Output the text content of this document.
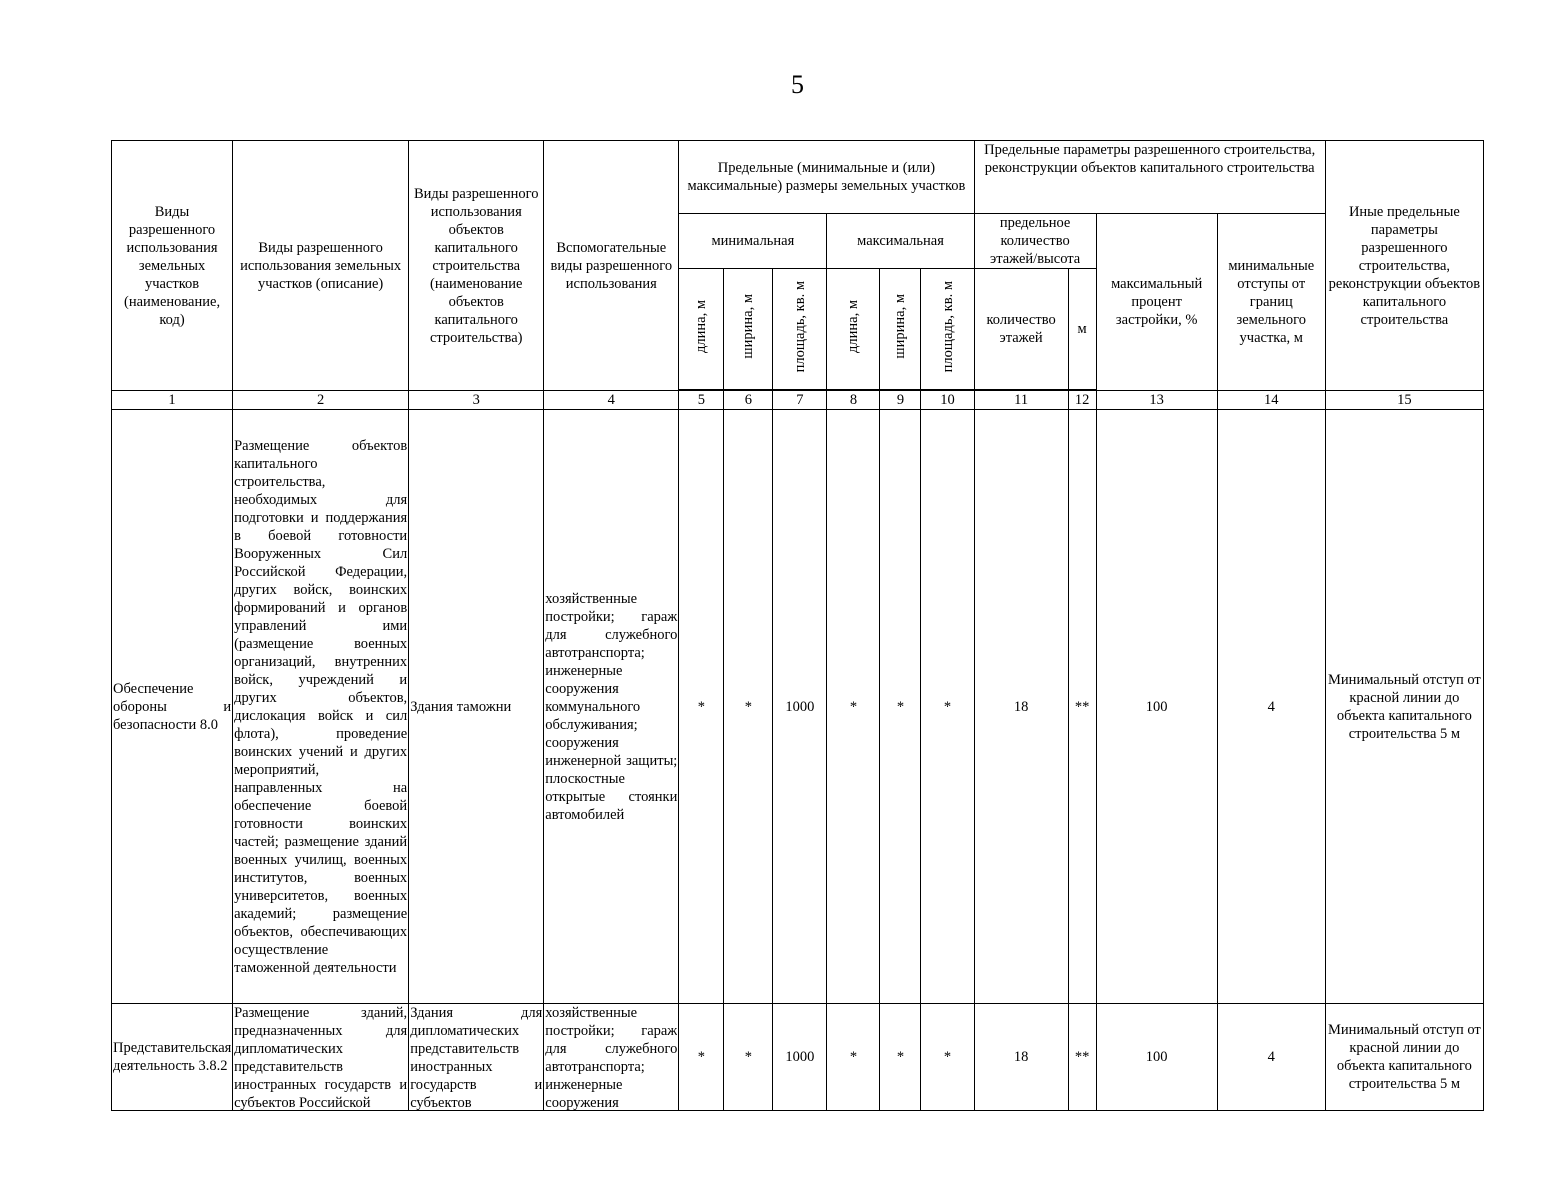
5
Виды разрешенного использования земельных участков (наименование, код)	Виды разрешенного использования земельных участков (описание)	Виды разрешенного использования объектов капитального строительства (наименование объектов капитального строительства)	Вспомогательные виды разрешенного использования	Предельные (минимальные и (или) максимальные) размеры земельных участков						Предельные параметры разрешенного строительства, реконструкции объектов капитального строительства				Иные предельные параметры разрешенного строительства, реконструкции объектов капитального строительства
				минимальная			максимальная			предельное количество этажей/высота		максимальный процент застройки, %	минимальные отступы от границ земельного участка, м	
				длина, м	ширина, м	площадь, кв. м	длина, м	ширина, м	площадь, кв. м	количество этажей	м			

1	2	3	4	5	6	7	8	9	10	11	12	13	14	15
Обеспечение обороны и безопасности 8.0	Размещение объектов капитального строительства, необходимых для подготовки и поддержания в боевой готовности Вооруженных Сил Российской Федерации, других войск, воинских формирований и органов управлений ими (размещение военных организаций, внутренних войск, учреждений и других объектов, дислокация войск и сил флота), проведение воинских учений и других мероприятий, направленных на обеспечение боевой готовности воинских частей; размещение зданий военных училищ, военных институтов, военных университетов, военных академий; размещение объектов, обеспечивающих осуществление таможенной деятельности	Здания таможни	хозяйственные постройки; гараж для служебного автотранспорта; инженерные сооружения коммунального обслуживания; сооружения инженерной защиты; плоскостные открытые стоянки автомобилей	*	*	1000	*	*	*	18	**	100	4	Минимальный отступ от красной линии до объекта капитального строительства 5 м
Представительская деятельность 3.8.2	Размещение зданий, предназначенных для дипломатических представительств иностранных государств и субъектов Российской	Здания для дипломатических представительств иностранных государств и субъектов	хозяйственные постройки; гараж для служебного автотранспорта; инженерные сооружения	*	*	1000	*	*	*	18	**	100	4	Минимальный отступ от красной линии до объекта капитального строительства 5 м
